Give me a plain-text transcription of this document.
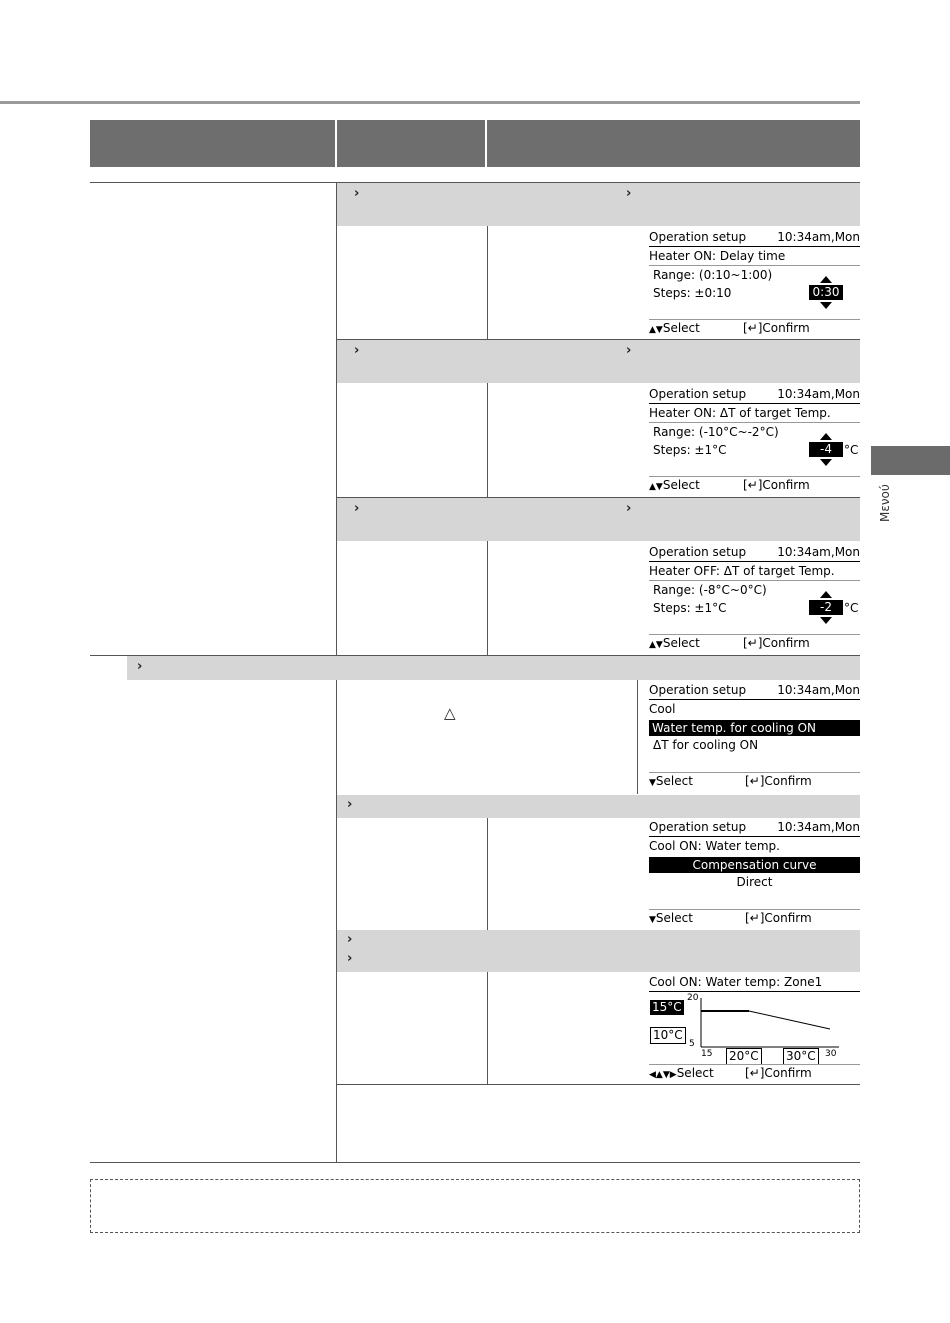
Μενού
›	›
Operation setup	10:34am,Mon
Heater ON: Delay time
Range: (0:10~1:00)
Steps: ±0:10	0:30
▲▼Select	[↵]Confirm
›	›
Operation setup	10:34am,Mon
Heater ON: ΔT of target Temp.
Range: (-10°C~-2°C)
Steps: ±1°C	-4	°C
▲▼Select	[↵]Confirm
›	›
Operation setup	10:34am,Mon
Heater OFF: ΔT of target Temp.
Range: (-8°C~0°C)
Steps: ±1°C	-2	°C
▲▼Select	[↵]Confirm
›
△
Operation setup	10:34am,Mon
Cool
Water temp. for cooling ON
ΔT for cooling ON
▼Select	[↵]Confirm
›
Operation setup	10:34am,Mon
Cool ON: Water temp.
Compensation curve
Direct
▼Select	[↵]Confirm
›
›
Cool ON: Water temp: Zone1
15°C
10°C
20
5
15 20°C 30°C	30
◀▲▼▶Select	[↵]Confirm
